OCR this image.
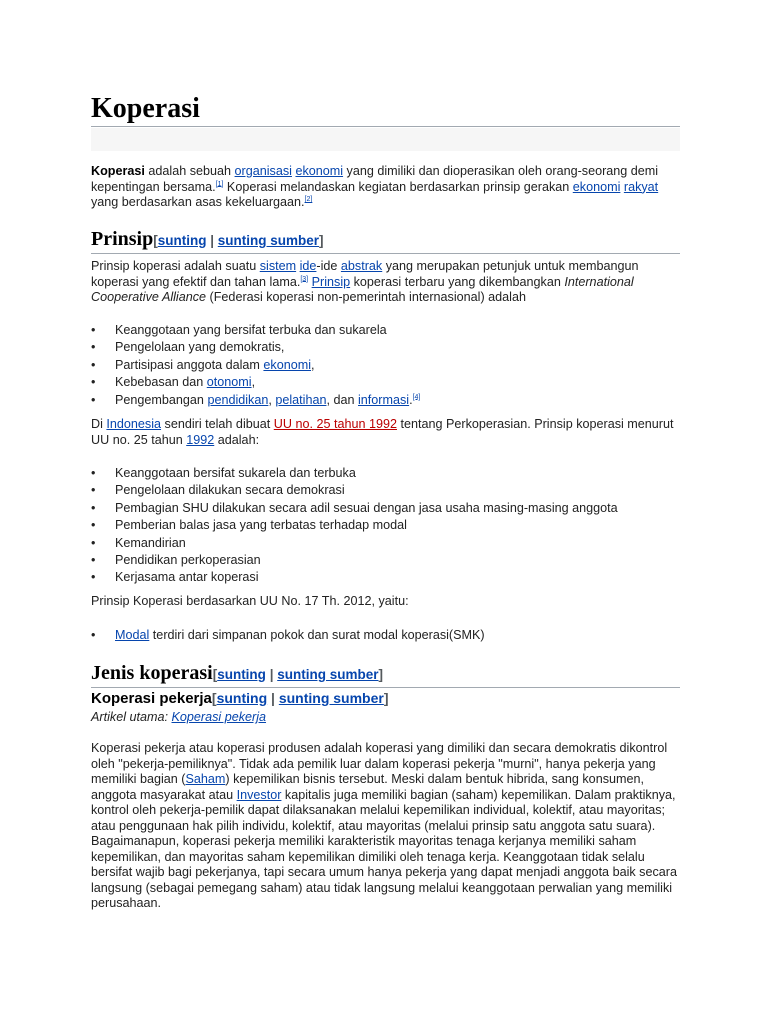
Koperasi

Koperasi adalah sebuah organisasi ekonomi yang dimiliki dan dioperasikan oleh orang-seorang demi kepentingan bersama.[1] Koperasi melandaskan kegiatan berdasarkan prinsip gerakan ekonomi rakyat yang berdasarkan asas kekeluargaan.[2]

Prinsip[sunting | sunting sumber]

Prinsip koperasi adalah suatu sistem ide-ide abstrak yang merupakan petunjuk untuk membangun koperasi yang efektif dan tahan lama.[3] Prinsip koperasi terbaru yang dikembangkan International Cooperative Alliance (Federasi koperasi non-pemerintah internasional) adalah

• Keanggotaan yang bersifat terbuka dan sukarela
• Pengelolaan yang demokratis,
• Partisipasi anggota dalam ekonomi,
• Kebebasan dan otonomi,
• Pengembangan pendidikan, pelatihan, dan informasi.[4]

Di Indonesia sendiri telah dibuat UU no. 25 tahun 1992 tentang Perkoperasian. Prinsip koperasi menurut UU no. 25 tahun 1992 adalah:

• Keanggotaan bersifat sukarela dan terbuka
• Pengelolaan dilakukan secara demokrasi
• Pembagian SHU dilakukan secara adil sesuai dengan jasa usaha masing-masing anggota
• Pemberian balas jasa yang terbatas terhadap modal
• Kemandirian
• Pendidikan perkoperasian
• Kerjasama antar koperasi

Prinsip Koperasi berdasarkan UU No. 17 Th. 2012, yaitu:

• Modal terdiri dari simpanan pokok dan surat modal koperasi(SMK)
Jenis koperasi[sunting | sunting sumber]
Koperasi pekerja[sunting | sunting sumber]

Artikel utama: Koperasi pekerja

Koperasi pekerja atau koperasi produsen adalah koperasi yang dimiliki dan secara demokratis dikontrol oleh "pekerja-pemiliknya". Tidak ada pemilik luar dalam koperasi pekerja "murni", hanya pekerja yang memiliki bagian (Saham) kepemilikan bisnis tersebut. Meski dalam bentuk hibrida, sang konsumen, anggota masyarakat atau Investor kapitalis juga memiliki bagian (saham) kepemilikan. Dalam praktiknya, kontrol oleh pekerja-pemilik dapat dilaksanakan melalui kepemilikan individual, kolektif, atau mayoritas; atau penggunaan hak pilih individu, kolektif, atau mayoritas (melalui prinsip satu anggota satu suara). Bagaimanapun, koperasi pekerja memiliki karakteristik mayoritas tenaga kerjanya memiliki saham kepemilikan, dan mayoritas saham kepemilikan dimiliki oleh tenaga kerja. Keanggotaan tidak selalu bersifat wajib bagi pekerjanya, tapi secara umum hanya pekerja yang dapat menjadi anggota baik secara langsung (sebagai pemegang saham) atau tidak langsung melalui keanggotaan perwalian yang memiliki perusahaan.
